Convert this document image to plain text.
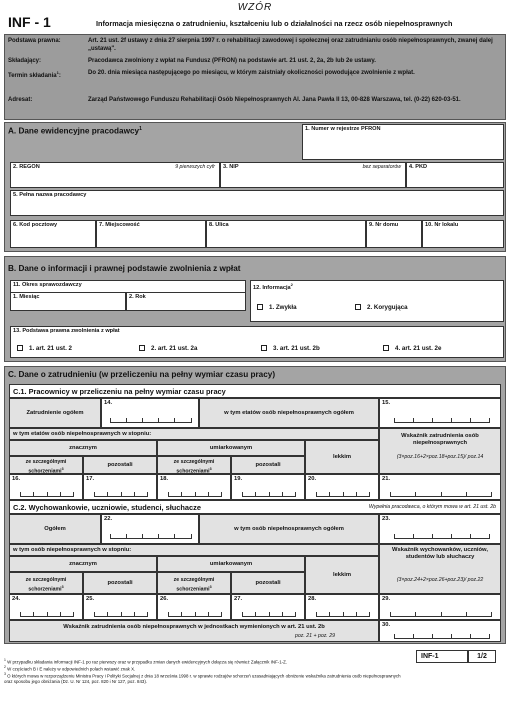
WZÓR
INF - 1	Informacja miesięczna o zatrudnieniu, kształceniu lub o działalności na rzecz osób niepełnosprawnych
Podstawa prawna:	Art. 21 ust. 2f ustawy z dnia 27 sierpnia 1997 r. o rehabilitacji zawodowej i społecznej oraz zatrudnianiu osób niepełnosprawnych, zwanej dalej „ustawą".
Składający:	Pracodawca zwolniony z wpłat na Fundusz (PFRON) na podstawie art. 21 ust. 2, 2a, 2b lub 2e ustawy.
Termin składania$^1$:	Do 20. dnia miesiąca następującego po miesiącu, w którym zaistniały okoliczności powodujące zwolnienie z wpłat.
Adresat:	Zarząd Państwowego Funduszu Rehabilitacji Osób Niepełnosprawnych Al. Jana Pawła II 13, 00-828 Warszawa, tel. (0-22) 620-03-51.
A. Dane ewidencyjne pracodawcy$^1$	1. Numer w rejestrze PFRON
2. REGON	9 pierwszych cyfr 3. NIP	bez separatorów 4. PKD
5. Pełna nazwa pracodawcy
6. Kod pocztowy	7. Miejscowość	8. Ulica	9. Nr domu	10. Nr lokalu
B. Dane o informacji i prawnej podstawie zwolnienia z wpłat
11. Okres sprawozdawczy
1. Miesiąc	2. Rok
12. Informacja$^2$
1. Zwykła	2. Korygująca
13. Podstawa prawna zwolnienia z wpłat
1. art. 21 ust. 2	2. art. 21 ust. 2a	3. art. 21 ust. 2b	4. art. 21 ust. 2e
C. Dane o zatrudnieniu (w przeliczeniu na pełny wymiar czasu pracy)
C.1. Pracownicy w przeliczeniu na pełny wymiar czasu pracy
Zatrudnienie ogółem
14.
w tym etatów osób niepełnosprawnych ogółem
15.
w tym etatów osób niepełnosprawnych w stopniu:
znacznym	umiarkowanym
lekkim
Wskaźnik zatrudnienia osób niepełnosprawnych
(3×poz.16+2×poz.18+poz.15)/ poz.14
ze szczególnymi schorzeniami$^3$
pozostali	ze szczególnymi schorzeniami$^3$
pozostali
16.	17.	18.	19.	20.	21.
C.2. Wychowankowie, uczniowie, studenci, słuchacze	Wypełnia pracodawca, o którym mowa w art. 21 ust. 2b
Ogółem
22.
w tym osób niepełnosprawnych ogółem
23.
w tym osób niepełnosprawnych w stopniu:
znacznym	umiarkowanym
lekkim
Wskaźnik wychowanków, uczniów, studentów lub słuchaczy
(3×poz.24+2×poz.26+poz.23)/ poz.22
ze szczególnymi schorzeniami$^3$
pozostali	ze szczególnymi schorzeniami$^3$
pozostali
24.	25.	26.	27.	28.	29.
Wskaźnik zatrudnienia osób niepełnosprawnych w jednostkach wymienionych w art. 21 ust. 2b
poz. 21 + poz. 29
30.
$^1$ W przypadku składania informacji INF-1 po raz pierwszy oraz w przypadku zmian danych ewidencyjnych dołącza się również Załącznik INF-1-Z.
$^2$ W częściach B i E należy w odpowiednich polach wstawić znak X.
$^3$ O których mowa w rozporządzeniu Ministra Pracy i Polityki Socjalnej z dnia 18 września 1998 r. w sprawie rodzajów schorzeń uzasadniających obniżenie wskaźnika zatrudnienia osób niepełnosprawnych oraz sposobu jego obniżania (Dz. U. Nr 124, poz. 820 i Nr 127, poz. 843).
INF-1	1/2
